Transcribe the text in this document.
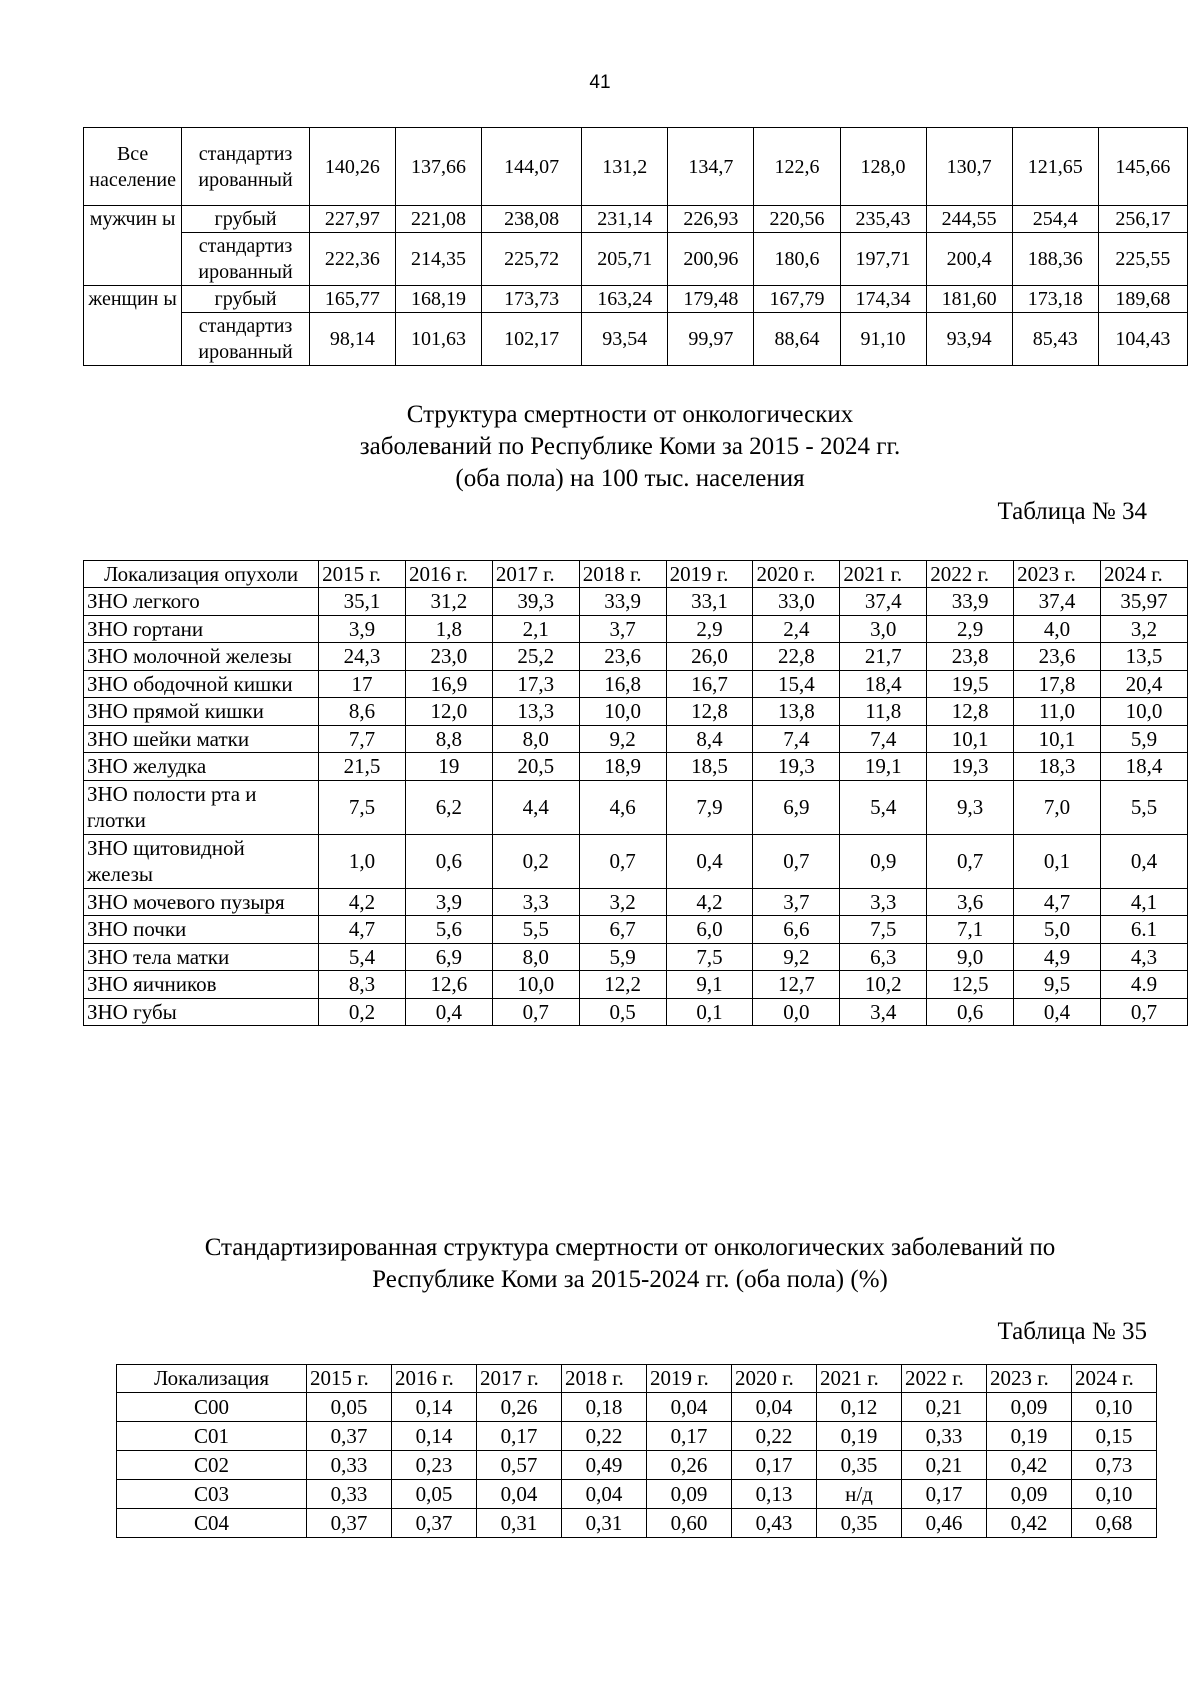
41
Все население	стандартиз ированный	140,26	137,66	144,07	131,2	134,7	122,6	128,0	130,7	121,65	145,66
мужчин ы	грубый	227,97	221,08	238,08	231,14	226,93	220,56	235,43	244,55	254,4	256,17
	стандартиз ированный	222,36	214,35	225,72	205,71	200,96	180,6	197,71	200,4	188,36	225,55
женщин ы	грубый	165,77	168,19	173,73	163,24	179,48	167,79	174,34	181,60	173,18	189,68
	стандартиз ированный	98,14	101,63	102,17	93,54	99,97	88,64	91,10	93,94	85,43	104,43
Структура смертности от онкологических
заболеваний по Республике Коми за 2015 - 2024 гг.
(оба пола) на 100 тыс. населения
Таблица № 34
Локализация опухоли	2015 г.	2016 г.	2017 г.	2018 г.	2019 г.	2020 г.	2021 г.	2022 г.	2023 г.	2024 г.
ЗНО легкого	35,1	31,2	39,3	33,9	33,1	33,0	37,4	33,9	37,4	35,97
ЗНО гортани	3,9	1,8	2,1	3,7	2,9	2,4	3,0	2,9	4,0	3,2
ЗНО молочной железы	24,3	23,0	25,2	23,6	26,0	22,8	21,7	23,8	23,6	13,5
ЗНО ободочной кишки	17	16,9	17,3	16,8	16,7	15,4	18,4	19,5	17,8	20,4
ЗНО прямой кишки	8,6	12,0	13,3	10,0	12,8	13,8	11,8	12,8	11,0	10,0
ЗНО шейки матки	7,7	8,8	8,0	9,2	8,4	7,4	7,4	10,1	10,1	5,9
ЗНО желудка	21,5	19	20,5	18,9	18,5	19,3	19,1	19,3	18,3	18,4
ЗНО полости рта и глотки	7,5	6,2	4,4	4,6	7,9	6,9	5,4	9,3	7,0	5,5
ЗНО щитовидной железы	1,0	0,6	0,2	0,7	0,4	0,7	0,9	0,7	0,1	0,4
ЗНО мочевого пузыря	4,2	3,9	3,3	3,2	4,2	3,7	3,3	3,6	4,7	4,1
ЗНО почки	4,7	5,6	5,5	6,7	6,0	6,6	7,5	7,1	5,0	6.1
ЗНО тела матки	5,4	6,9	8,0	5,9	7,5	9,2	6,3	9,0	4,9	4,3
ЗНО яичников	8,3	12,6	10,0	12,2	9,1	12,7	10,2	12,5	9,5	4.9
ЗНО губы	0,2	0,4	0,7	0,5	0,1	0,0	3,4	0,6	0,4	0,7
Стандартизированная структура смертности от онкологических заболеваний по
Республике Коми за 2015-2024 гг. (оба пола) (%)
Таблица № 35
Локализация	2015 г.	2016 г.	2017 г.	2018 г.	2019 г.	2020 г.	2021 г.	2022 г.	2023 г.	2024 г.
C00	0,05	0,14	0,26	0,18	0,04	0,04	0,12	0,21	0,09	0,10
C01	0,37	0,14	0,17	0,22	0,17	0,22	0,19	0,33	0,19	0,15
C02	0,33	0,23	0,57	0,49	0,26	0,17	0,35	0,21	0,42	0,73
C03	0,33	0,05	0,04	0,04	0,09	0,13	н/д	0,17	0,09	0,10
C04	0,37	0,37	0,31	0,31	0,60	0,43	0,35	0,46	0,42	0,68
